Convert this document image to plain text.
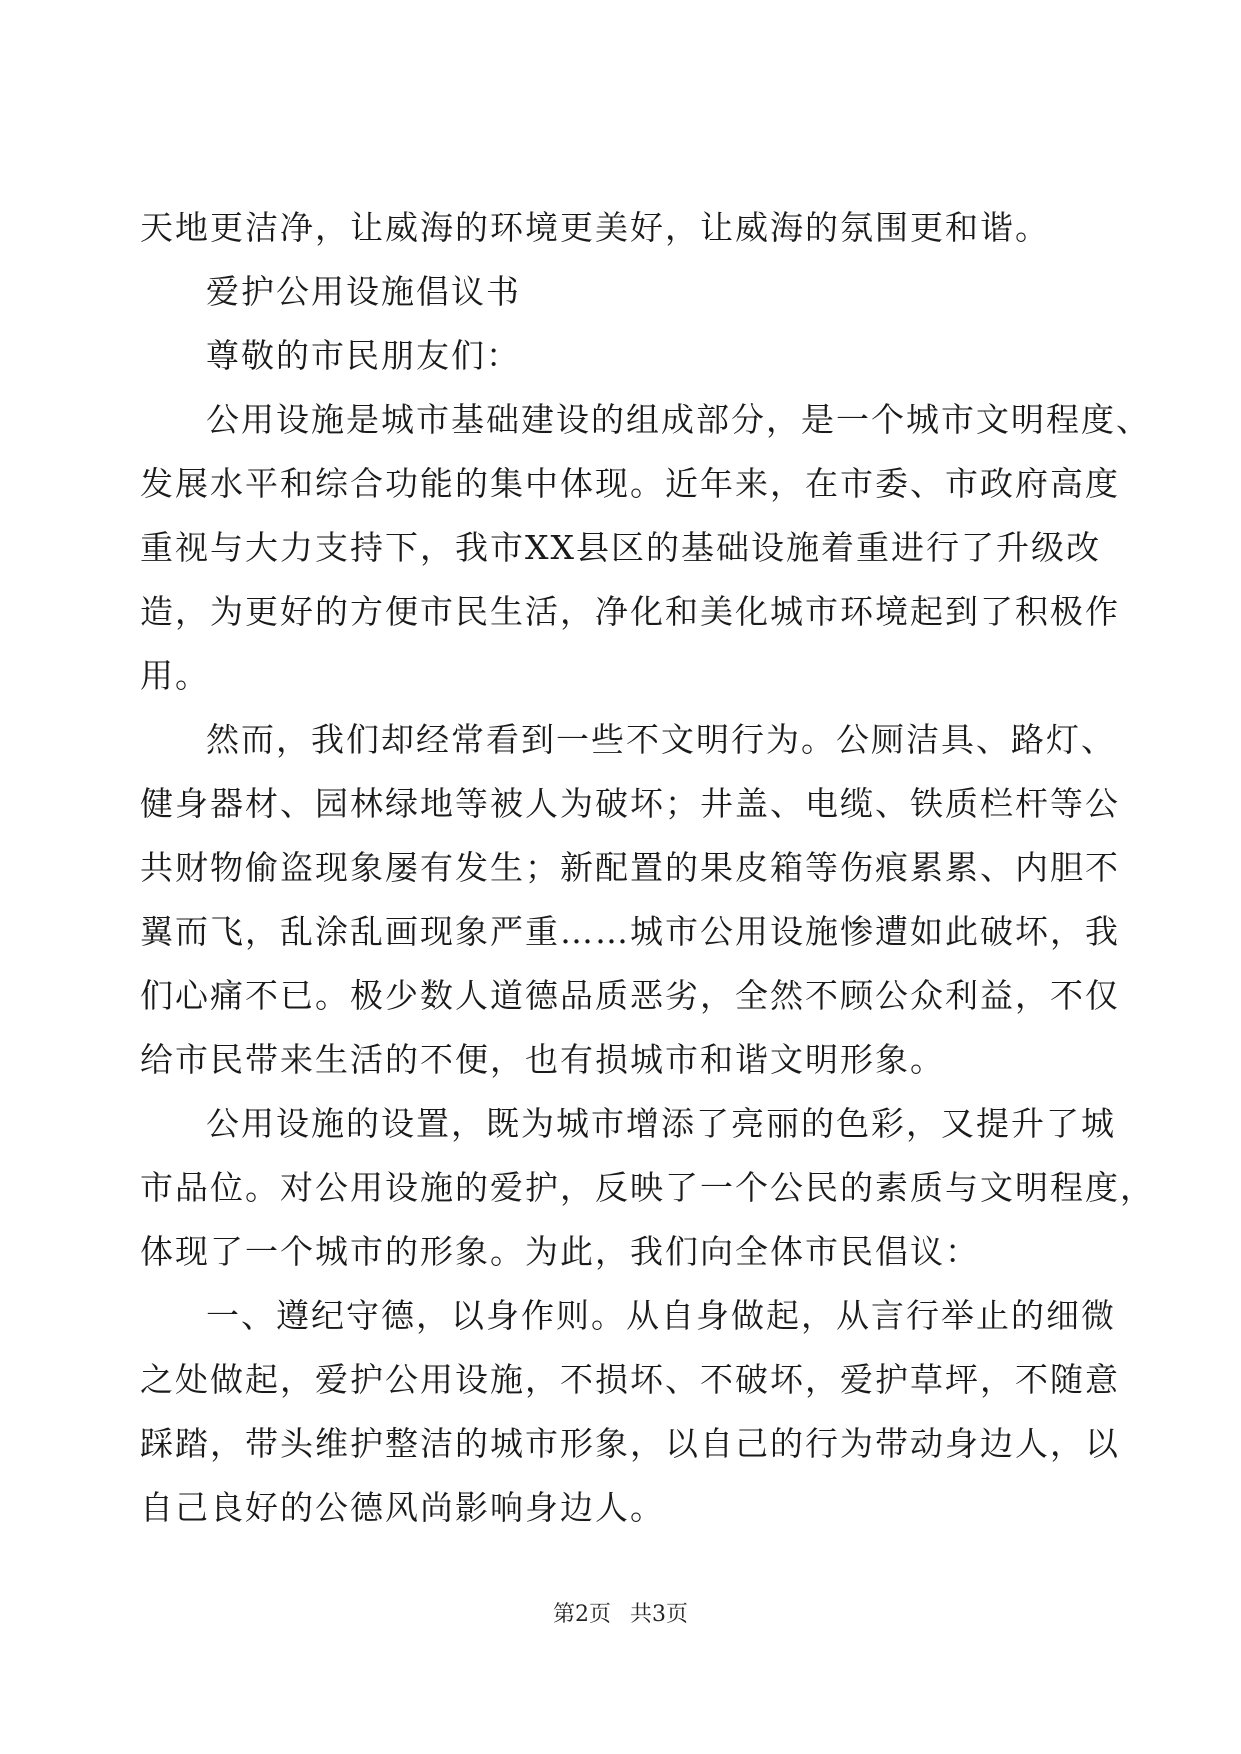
天地更洁净，让威海的环境更美好，让威海的氛围更和谐。
爱护公用设施倡议书
尊敬的市民朋友们：
公用设施是城市基础建设的组成部分，是一个城市文明程度、
发展水平和综合功能的集中体现。近年来，在市委、市政府高度
重视与大力支持下，我市XX县区的基础设施着重进行了升级改
造，为更好的方便市民生活，净化和美化城市环境起到了积极作
用。
然而，我们却经常看到一些不文明行为。公厕洁具、路灯、
健身器材、园林绿地等被人为破坏；井盖、电缆、铁质栏杆等公
共财物偷盗现象屡有发生；新配置的果皮箱等伤痕累累、内胆不
翼而飞，乱涂乱画现象严重……城市公用设施惨遭如此破坏，我
们心痛不已。极少数人道德品质恶劣，全然不顾公众利益，不仅
给市民带来生活的不便，也有损城市和谐文明形象。
公用设施的设置，既为城市增添了亮丽的色彩，又提升了城
市品位。对公用设施的爱护，反映了一个公民的素质与文明程度，
体现了一个城市的形象。为此，我们向全体市民倡议：
一、遵纪守德，以身作则。从自身做起，从言行举止的细微
之处做起，爱护公用设施，不损坏、不破坏，爱护草坪，不随意
踩踏，带头维护整洁的城市形象，以自己的行为带动身边人，以
自己良好的公德风尚影响身边人。
第2页 共3页
